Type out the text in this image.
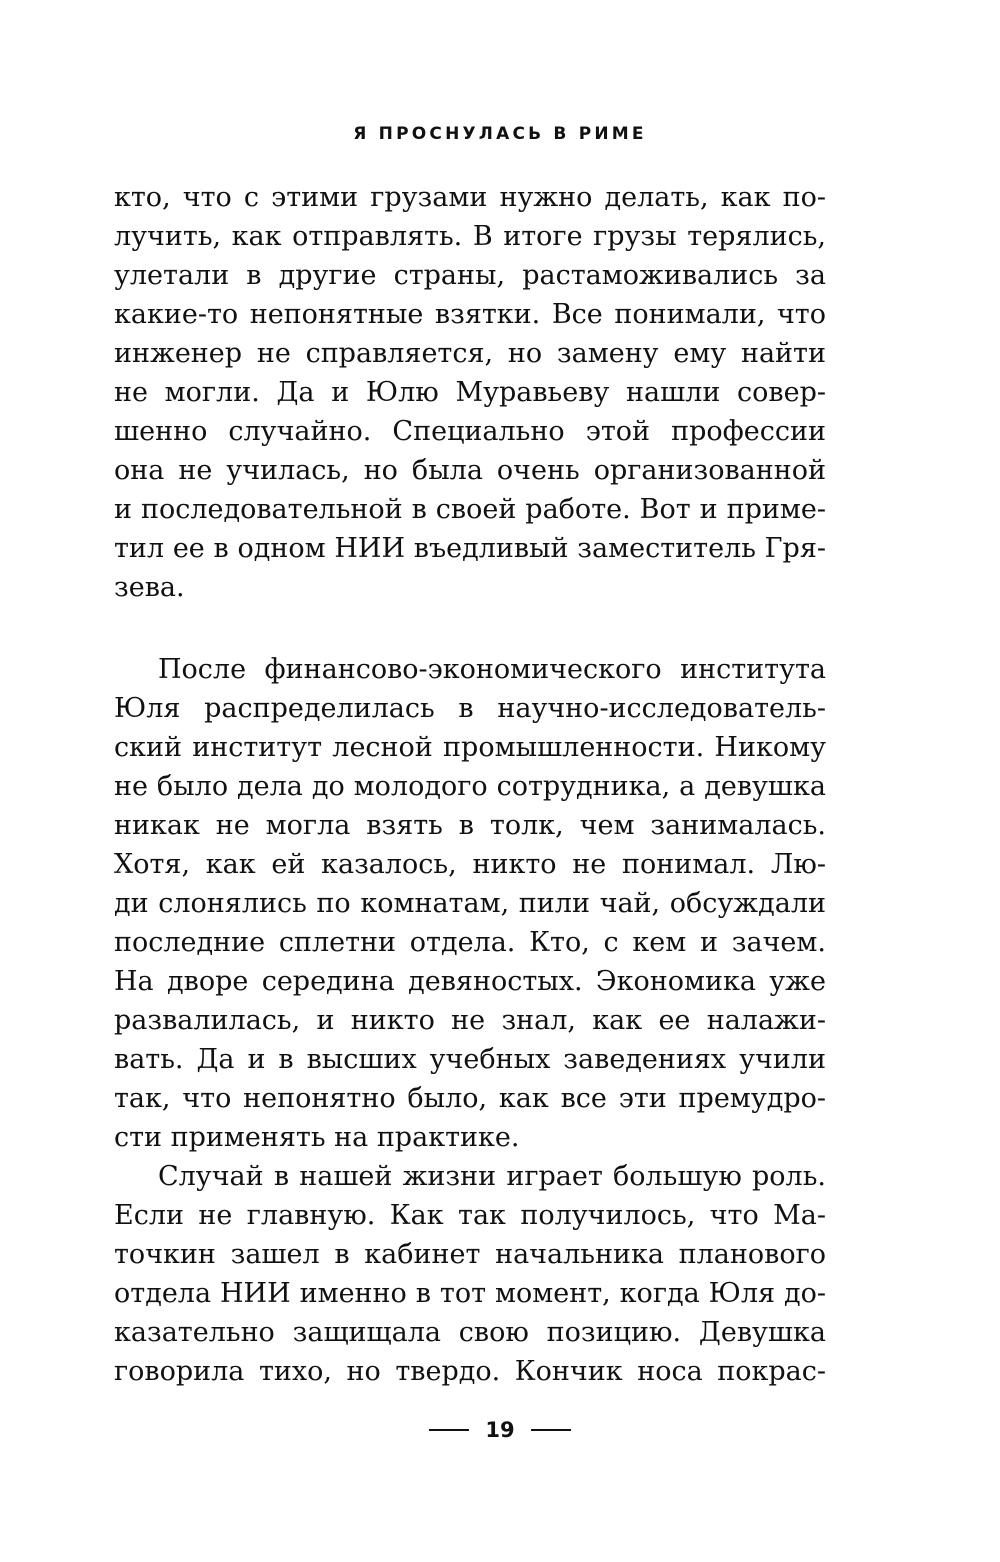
Я ПРОСНУЛАСЬ В РИМЕ
кто, что с этими грузами нужно делать, как по-
лучить, как отправлять. В итоге грузы терялись,
улетали в другие страны, растаможивались за
какие-то непонятные взятки. Все понимали, что
инженер не справляется, но замену ему найти
не могли. Да и Юлю Муравьеву нашли совер-
шенно случайно. Специально этой профессии
она не училась, но была очень организованной
и последовательной в своей работе. Вот и приме-
тил ее в одном НИИ въедливый заместитель Гря-
зева.
После финансово-экономического института
Юля распределилась в научно-исследователь-
ский институт лесной промышленности. Никому
не было дела до молодого сотрудника, а девушка
никак не могла взять в толк, чем занималась.
Хотя, как ей казалось, никто не понимал. Лю-
ди слонялись по комнатам, пили чай, обсуждали
последние сплетни отдела. Кто, с кем и зачем.
На дворе середина девяностых. Экономика уже
развалилась, и никто не знал, как ее налажи-
вать. Да и в высших учебных заведениях учили
так, что непонятно было, как все эти премудро-
сти применять на практике.
Случай в нашей жизни играет большую роль.
Если не главную. Как так получилось, что Ма-
точкин зашел в кабинет начальника планового
отдела НИИ именно в тот момент, когда Юля до-
казательно защищала свою позицию. Девушка
говорила тихо, но твердо. Кончик носа покрас-
19
